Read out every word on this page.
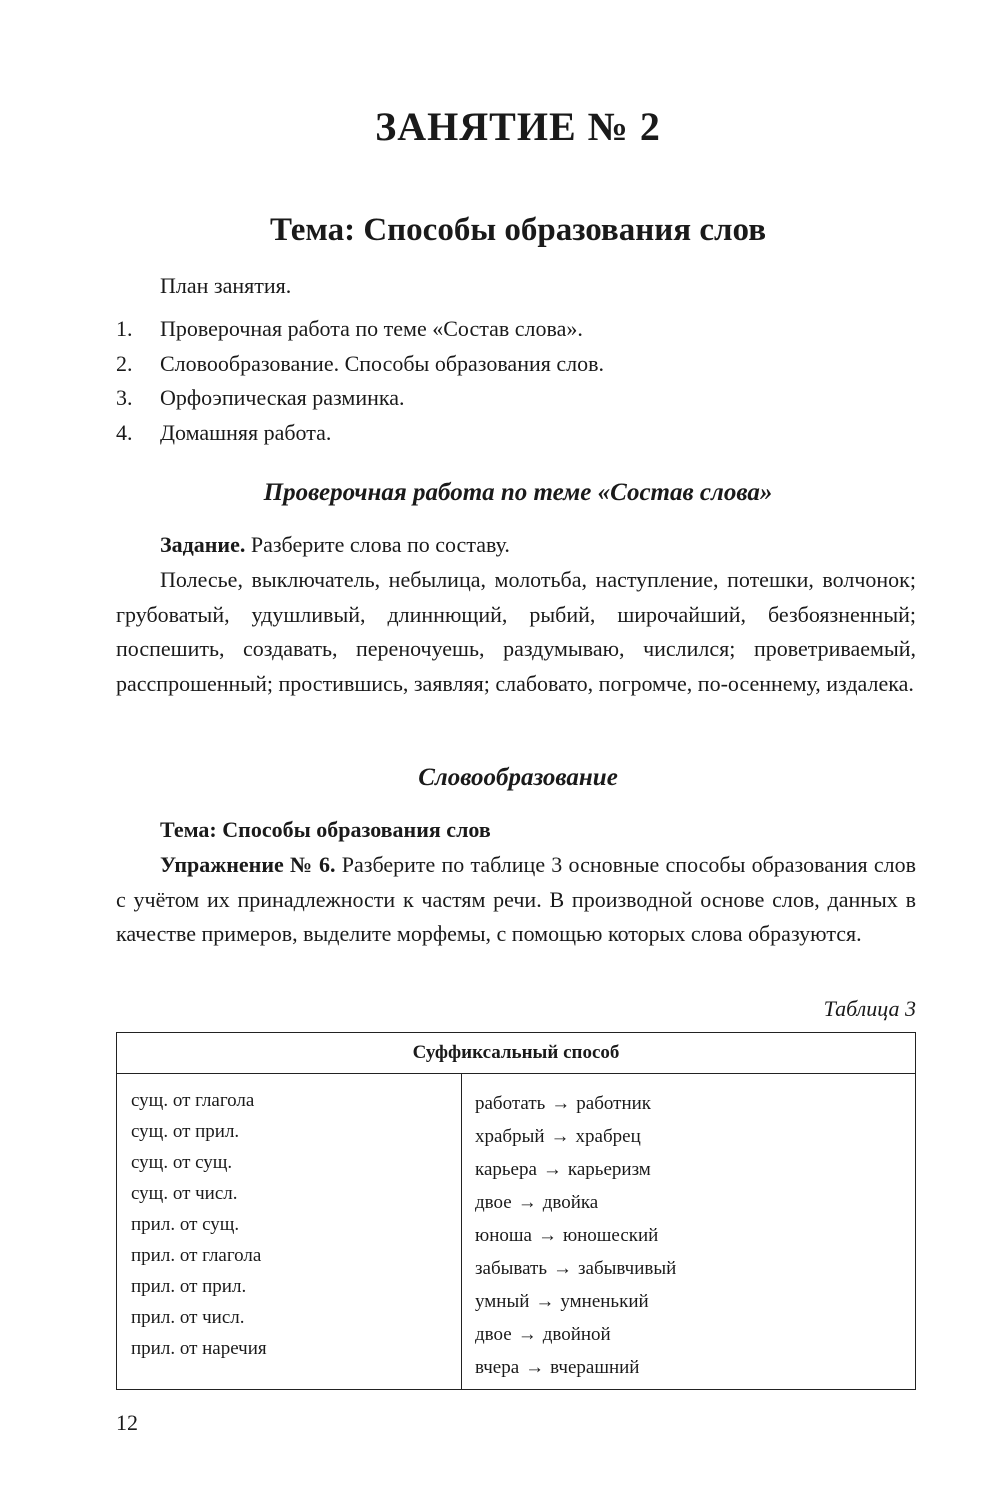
ЗАНЯТИЕ № 2
Тема: Способы образования слов
План занятия.
1. Проверочная работа по теме «Состав слова».
2. Словообразование. Способы образования слов.
3. Орфоэпическая разминка.
4. Домашняя работа.
Проверочная работа по теме «Состав слова»
Задание. Разберите слова по составу.
Полесье, выключатель, небылица, молотьба, наступление, потешки, волчонок; грубоватый, удушливый, длиннющий, рыбий, широчайший, безбоязненный; поспешить, создавать, переночуешь, раздумываю, числился; проветриваемый, расспрошенный; простившись, заявляя; слабовато, погромче, по-осеннему, издалека.
Словообразование
Тема: Способы образования слов
Упражнение № 6. Разберите по таблице 3 основные способы образования слов с учётом их принадлежности к частям речи. В производной основе слов, данных в качестве примеров, выделите морфемы, с помощью которых слова образуются.
Таблица 3
Суффиксальный способ
сущ. от глагола
сущ. от прил.
сущ. от сущ.
сущ. от числ.
прил. от сущ.
прил. от глагола
прил. от прил.
прил. от числ.
прил. от наречия
работать → работник
храбрый → храбрец
карьера → карьеризм
двое → двойка
юноша → юношеский
забывать → забывчивый
умный → умненький
двое → двойной
вчера → вчерашний
12
